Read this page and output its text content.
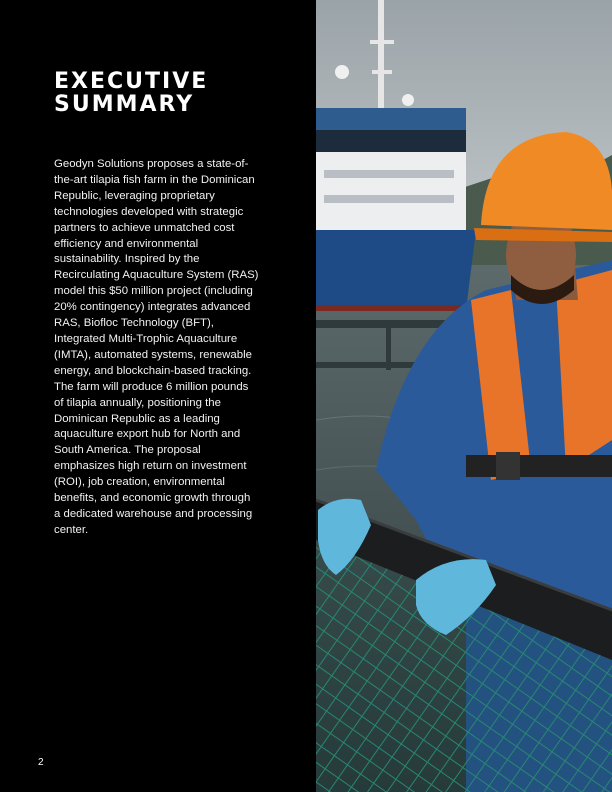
EXECUTIVE
SUMMARY

Geodyn Solutions proposes a state-of-the-art tilapia fish farm in the Dominican Republic, leveraging proprietary technologies developed with strategic partners to achieve unmatched cost efficiency and environmental sustainability. Inspired by the Recirculating Aquaculture System (RAS) model this $50 million project (including 20% contingency) integrates advanced RAS, Biofloc Technology (BFT), Integrated Multi-Trophic Aquaculture (IMTA), automated systems, renewable energy, and blockchain-based tracking. The farm will produce 6 million pounds of tilapia annually, positioning the Dominican Republic as a leading aquaculture export hub for North and South America. The proposal emphasizes high return on investment (ROI), job creation, environmental benefits, and economic growth through a dedicated warehouse and processing center.

2
